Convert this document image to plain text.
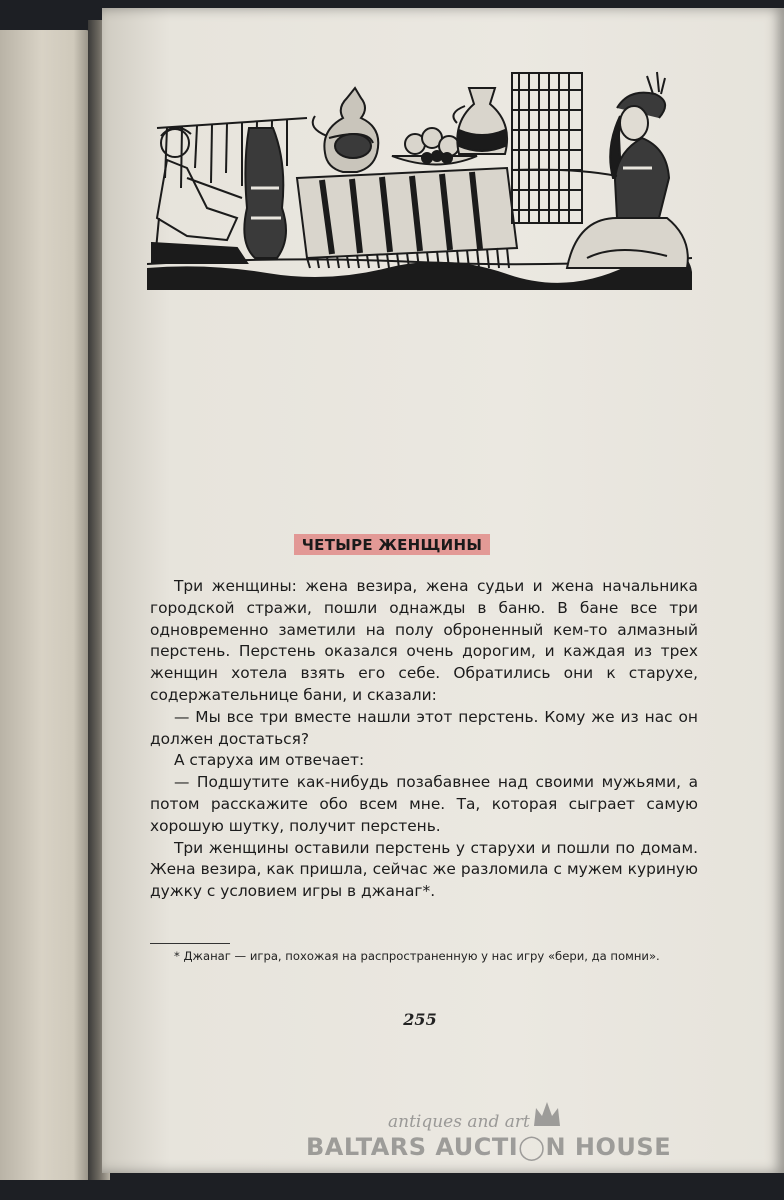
ЧЕТЫРЕ ЖЕНЩИНЫ

Три женщины: жена везира, жена судьи и жена начальника городской стражи, пошли однажды в баню. В бане все три одновременно заметили на полу оброненный кем-то алмазный перстень. Перстень оказался очень дорогим, и каждая из трех женщин хотела взять его себе. Обратились они к старухе, содержательнице бани, и сказали:

— Мы все три вместе нашли этот перстень. Кому же из нас он должен достаться?

А старуха им отвечает:

— Подшутите как-нибудь позабавнее над своими мужьями, а потом расскажите обо всем мне. Та, которая сыграет самую хорошую шутку, получит перстень.

Три женщины оставили перстень у старухи и пошли по домам. Жена везира, как пришла, сейчас же разломила с мужем куриную дужку с условием игры в джанаг*.

* Джанаг — игра, похожая на распространенную у нас игру «бери, да помни».

255

antiques and art

BALTARS AUCTI◯N HOUSE
